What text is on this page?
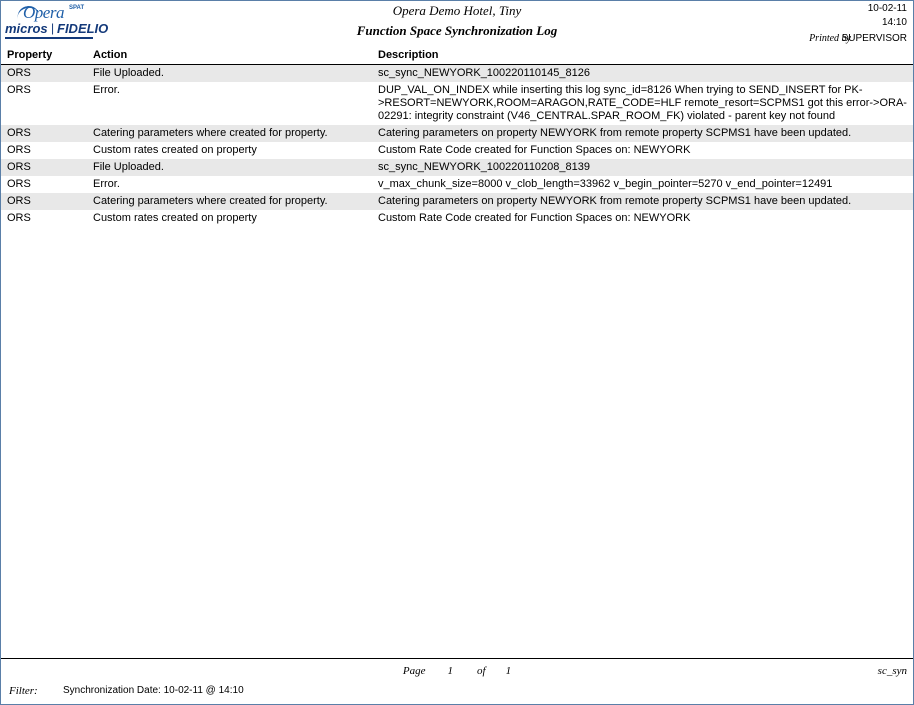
Opera SPAT
micros | FIDELIO
Opera Demo Hotel, Tiny
Function Space Synchronization Log
10-02-11
14:10
Printed by
SUPERVISOR
Property	Action	Description
ORS	File Uploaded.	sc_sync_NEWYORK_100220110145_8126
ORS	Error.	DUP_VAL_ON_INDEX while inserting this log sync_id=8126 When trying to SEND_INSERT for PK->RESORT=NEWYORK,ROOM=ARAGON,RATE_CODE=HLF remote_resort=SCPMS1 got this error->ORA-02291: integrity constraint (V46_CENTRAL.SPAR_ROOM_FK) violated - parent key not found
ORS	Catering parameters where created for property.	Catering parameters on property NEWYORK from remote property SCPMS1 have been updated.
ORS	Custom rates created on property	Custom Rate Code created for Function Spaces on: NEWYORK
ORS	File Uploaded.	sc_sync_NEWYORK_100220110208_8139
ORS	Error.	v_max_chunk_size=8000 v_clob_length=33962 v_begin_pointer=5270 v_end_pointer=12491
ORS	Catering parameters where created for property.	Catering parameters on property NEWYORK from remote property SCPMS1 have been updated.
ORS	Custom rates created on property	Custom Rate Code created for Function Spaces on: NEWYORK
Page 1 of 1	sc_syn
Filter:	Synchronization Date: 10-02-11 @ 14:10
